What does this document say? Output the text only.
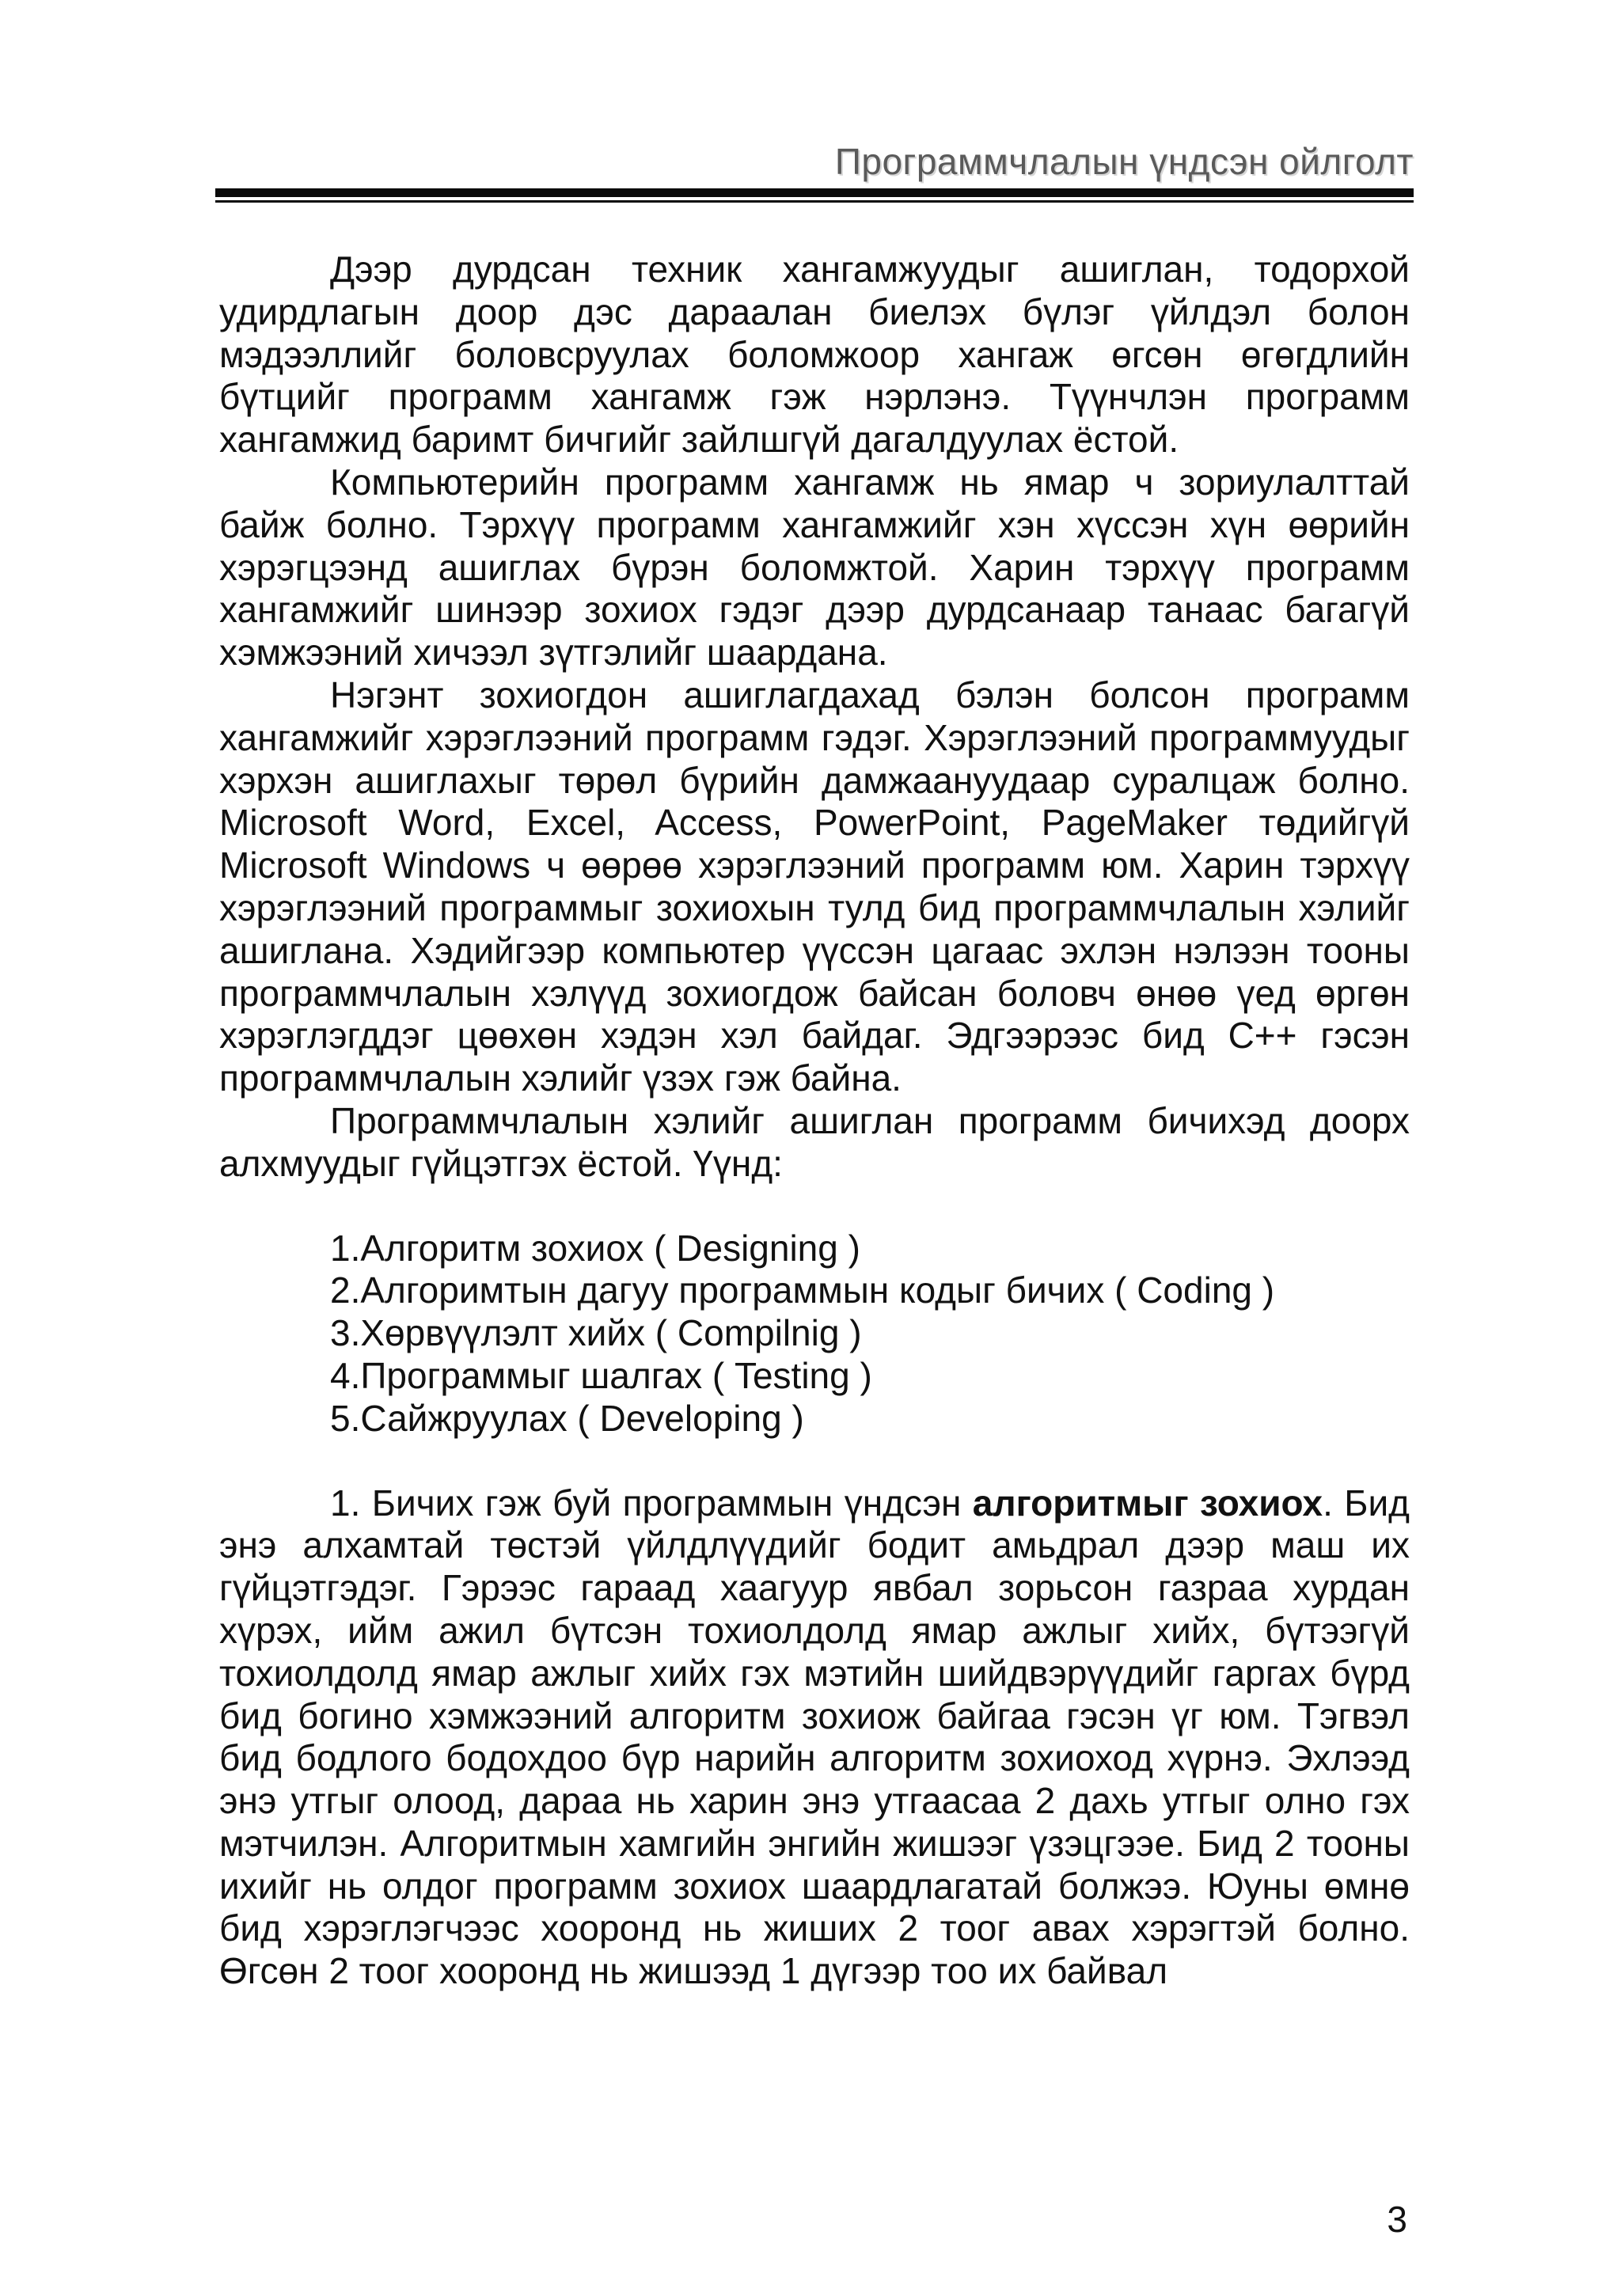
Программчлалын үндсэн ойлголт

Дээр дурдсан техник хангамжуудыг ашиглан, тодорхой удирдлагын доор дэс дараалан биелэх бүлэг үйлдэл болон мэдээллийг боловсруулах боломжоор хангаж өгсөн өгөгдлийн бүтцийг программ хангамж гэж нэрлэнэ. Түүнчлэн программ хангамжид баримт бичгийг зайлшгүй дагалдуулах ёстой.

Компьютерийн программ хангамж нь ямар ч зориулалттай байж болно. Тэрхүү программ хангамжийг хэн хүссэн хүн өөрийн хэрэгцээнд ашиглах бүрэн боломжтой. Харин тэрхүү программ хангамжийг шинээр зохиох гэдэг дээр дурдсанаар танаас багагүй хэмжээний хичээл зүтгэлийг шаардана.

Нэгэнт зохиогдон ашиглагдахад бэлэн болсон программ хангамжийг хэрэглээний программ гэдэг. Хэрэглээний программуудыг хэрхэн ашиглахыг төрөл бүрийн дамжаануудаар суралцаж болно. Microsoft Word, Excel, Access, PowerPoint, PageMaker төдийгүй Microsoft Windows ч өөрөө хэрэглээний программ юм. Харин тэрхүү хэрэглээний программыг зохиохын тулд бид программчлалын хэлийг ашиглана. Хэдийгээр компьютер үүссэн цагаас эхлэн нэлээн тооны программчлалын хэлүүд зохиогдож байсан боловч өнөө үед өргөн хэрэглэгддэг цөөхөн хэдэн хэл байдаг. Эдгээрээс бид C++ гэсэн программчлалын хэлийг үзэх гэж байна.

Программчлалын хэлийг ашиглан программ бичихэд доорх алхмуудыг гүйцэтгэх ёстой. Үүнд:

1.Алгоритм зохиох ( Designing )
2.Алгоримтын дагуу программын кодыг бичих ( Coding )
3.Хөрвүүлэлт хийх ( Compilnig )
4.Программыг шалгах ( Testing )
5.Сайжруулах ( Developing )

1. Бичих гэж буй программын үндсэн алгоритмыг зохиох. Бид энэ алхамтай төстэй үйлдлүүдийг бодит амьдрал дээр маш их гүйцэтгэдэг. Гэрээс гараад хаагуур явбал зорьсон газраа хурдан хүрэх, ийм ажил бүтсэн тохиолдолд ямар ажлыг хийх, бүтээгүй тохиолдолд ямар ажлыг хийх гэх мэтийн шийдвэрүүдийг гаргах бүрд бид богино хэмжээний алгоритм зохиож байгаа гэсэн үг юм. Тэгвэл бид бодлого бодохдоо бүр нарийн алгоритм зохиоход хүрнэ. Эхлээд энэ утгыг олоод, дараа нь харин энэ утгаасаа 2 дахь утгыг олно гэх мэтчилэн. Алгоритмын хамгийн энгийн жишээг үзэцгээе. Бид 2 тооны ихийг нь олдог программ зохиох шаардлагатай болжээ. Юуны өмнө бид хэрэглэгчээс хооронд нь жиших 2 тоог авах хэрэгтэй болно. Өгсөн 2 тоог хооронд нь жишээд 1 дүгээр тоо их байвал

3
